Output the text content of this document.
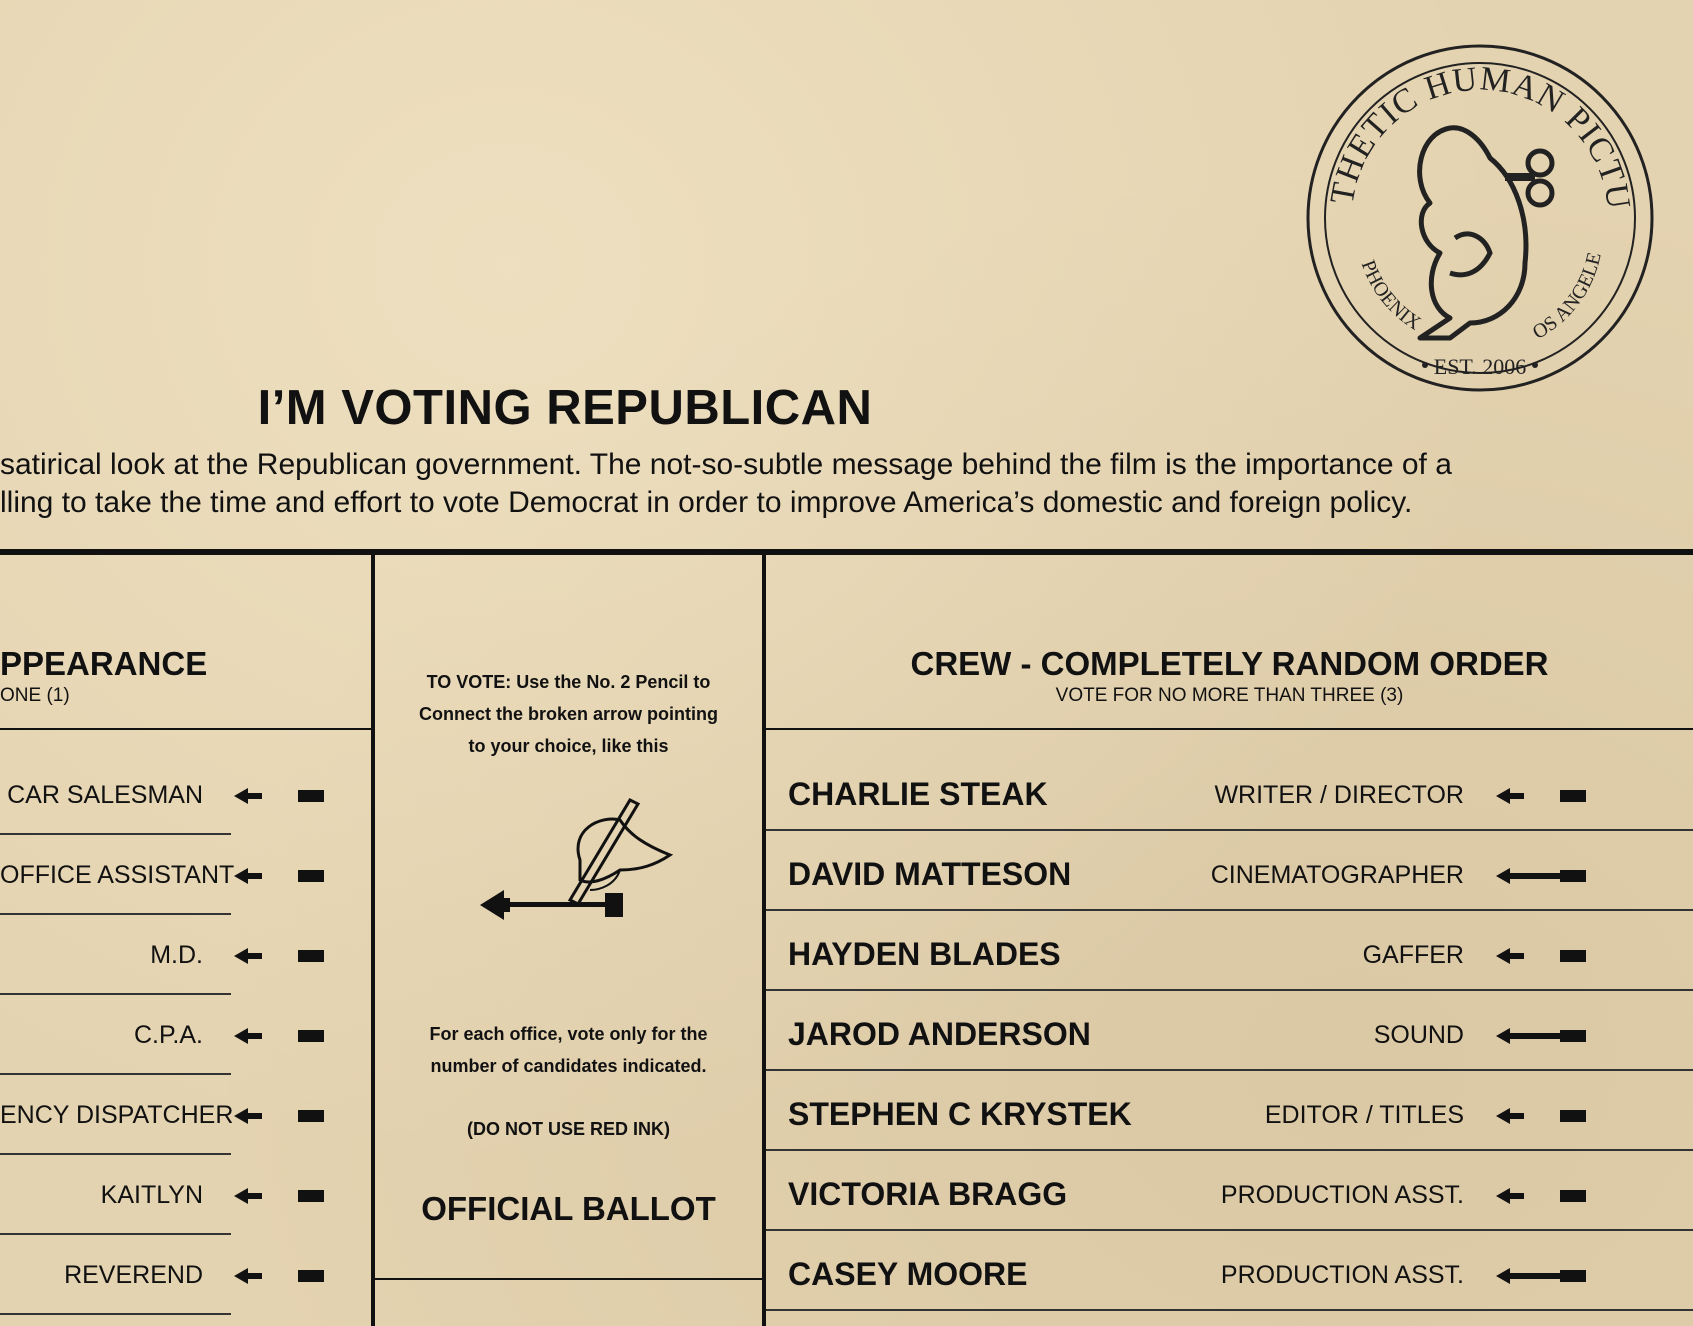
THETIC HUMAN PICTU
PHOENIX	OS ANGELE
EST. 2006
I’M VOTING REPUBLICAN
satirical look at the Republican government. The not-so-subtle message behind the film is the importance of a
lling to take the time and effort to vote Democrat in order to improve America’s domestic and foreign policy.
PPEARANCE
ONE (1)
CAR SALESMAN
OFFICE ASSISTANT
M.D.
C.P.A.
ENCY DISPATCHER
KAITLYN
REVEREND
TO VOTE: Use the No. 2 Pencil to
Connect the broken arrow pointing
to your choice, like this
For each office, vote only for the
number of candidates indicated.
(DO NOT USE RED INK)
OFFICIAL BALLOT
CREW - COMPLETELY RANDOM ORDER
VOTE FOR NO MORE THAN THREE (3)
CHARLIE STEAK	WRITER / DIRECTOR
DAVID MATTESON	CINEMATOGRAPHER
HAYDEN BLADES	GAFFER
JAROD ANDERSON	SOUND
STEPHEN C KRYSTEK	EDITOR / TITLES
VICTORIA BRAGG	PRODUCTION ASST.
CASEY MOORE	PRODUCTION ASST.
